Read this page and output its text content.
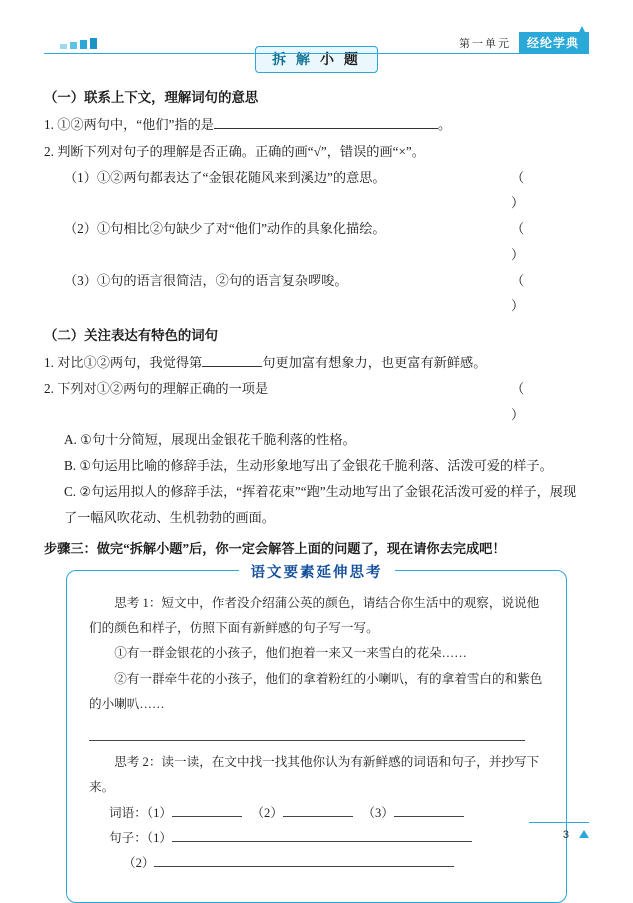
第一单元	经纶学典
拆 解 小 题
（一）联系上下文，理解词句的意思
1. ①②两句中，“他们”指的是	。
2. 判断下列对句子的理解是否正确。正确的画“√”，错误的画“×”。
（1）①②两句都表达了“金银花随风来到溪边”的意思。	（ ）
（2）①句相比②句缺少了对“他们”动作的具象化描绘。	（ ）
（3）①句的语言很简洁，②句的语言复杂啰唆。	（ ）
（二）关注表达有特色的词句
1. 对比①②两句，我觉得第	句更加富有想象力，也更富有新鲜感。
2. 下列对①②两句的理解正确的一项是	（ ）
A. ①句十分简短，展现出金银花千脆利落的性格。
B. ①句运用比喻的修辞手法，生动形象地写出了金银花千脆利落、活泼可爱的样子。
C. ②句运用拟人的修辞手法，“挥着花束”“跑”生动地写出了金银花活泼可爱的样子，展现了一幅风吹花动、生机勃勃的画面。
步骤三：做完“拆解小题”后，你一定会解答上面的问题了，现在请你去完成吧！
语文要素延伸思考
思考 1：短文中，作者没介绍蒲公英的颜色，请结合你生活中的观察，说说他们的颜色和样子，仿照下面有新鲜感的句子写一写。
①有一群金银花的小孩子，他们抱着一来又一来雪白的花朵……
②有一群牵牛花的小孩子，他们的拿着粉红的小喇叭，有的拿着雪白的和紫色的小喇叭……
思考 2：读一读，在文中找一找其他你认为有新鲜感的词语和句子，并抄写下来。
词语：（1）	（2）	（3）
句子：（1）
（2）
3
